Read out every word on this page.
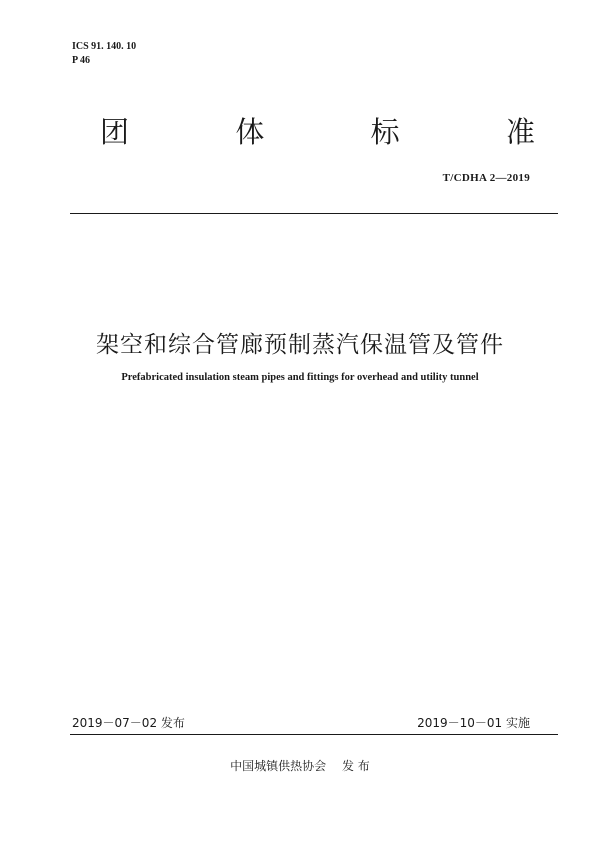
ICS 91. 140. 10
P 46
团	体	标	准
T/CDHA 2—2019
架空和综合管廊预制蒸汽保温管及管件
Prefabricated insulation steam pipes and fittings for overhead and utility tunnel
2019－07－02 发布	2019－10－01 实施
中国城镇供热协会　 发 布
